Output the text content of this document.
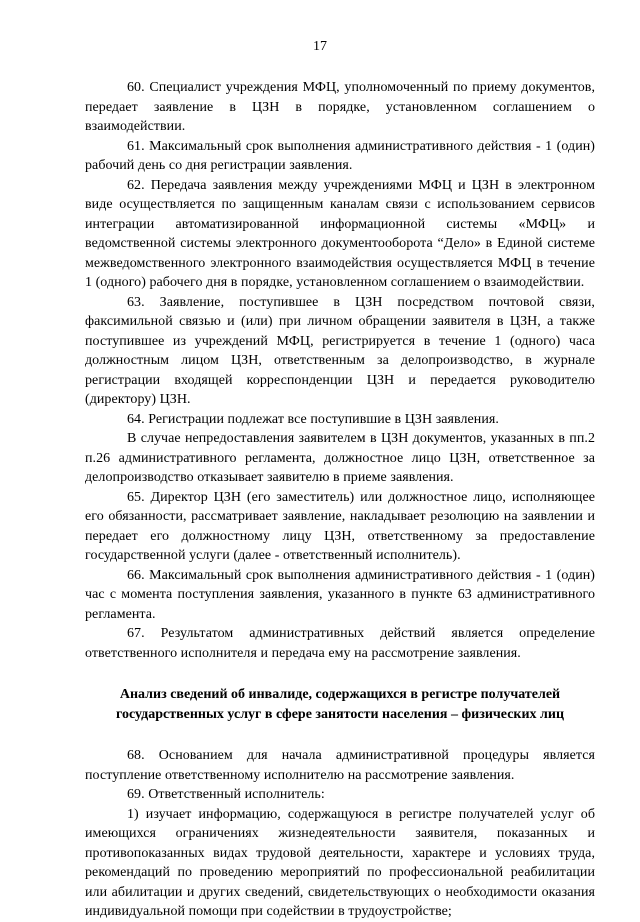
17

60. Специалист учреждения МФЦ, уполномоченный по приему документов, передает заявление в ЦЗН в порядке, установленном соглашением о взаимодействии.

61. Максимальный срок выполнения административного действия - 1 (один) рабочий день со дня регистрации заявления.

62. Передача заявления между учреждениями МФЦ и ЦЗН в электронном виде осуществляется по защищенным каналам связи с использованием сервисов интеграции автоматизированной информационной системы «МФЦ» и ведомственной системы электронного документооборота “Дело» в Единой системе межведомственного электронного взаимодействия осуществляется МФЦ в течение 1 (одного) рабочего дня в порядке, установленном соглашением о взаимодействии.

63. Заявление, поступившее в ЦЗН посредством почтовой связи, факсимильной связью и (или) при личном обращении заявителя в ЦЗН, а также поступившее из учреждений МФЦ, регистрируется в течение 1 (одного) часа должностным лицом ЦЗН, ответственным за делопроизводство, в журнале регистрации входящей корреспонденции ЦЗН и передается руководителю (директору) ЦЗН.

64. Регистрации подлежат все поступившие в ЦЗН заявления.

В случае непредоставления заявителем в ЦЗН документов, указанных в пп.2 п.26 административного регламента, должностное лицо ЦЗН, ответственное за делопроизводство отказывает заявителю в приеме заявления.

65. Директор ЦЗН (его заместитель) или должностное лицо, исполняющее его обязанности, рассматривает заявление, накладывает резолюцию на заявлении и передает его должностному лицу ЦЗН, ответственному за предоставление государственной услуги (далее - ответственный исполнитель).

66. Максимальный срок выполнения административного действия - 1 (один) час с момента поступления заявления, указанного в пункте 63 административного регламента.

67. Результатом административных действий является определение ответственного исполнителя и передача ему на рассмотрение заявления.

Анализ сведений об инвалиде, содержащихся в регистре получателей государственных услуг в сфере занятости населения – физических лиц

68. Основанием для начала административной процедуры является поступление ответственному исполнителю на рассмотрение заявления.

69. Ответственный исполнитель:

1) изучает информацию, содержащуюся в регистре получателей услуг об имеющихся ограничениях жизнедеятельности заявителя, показанных и противопоказанных видах трудовой деятельности, характере и условиях труда, рекомендаций по проведению мероприятий по профессиональной реабилитации или абилитации и других сведений, свидетельствующих о необходимости оказания индивидуальной помощи при содействии в трудоустройстве;
